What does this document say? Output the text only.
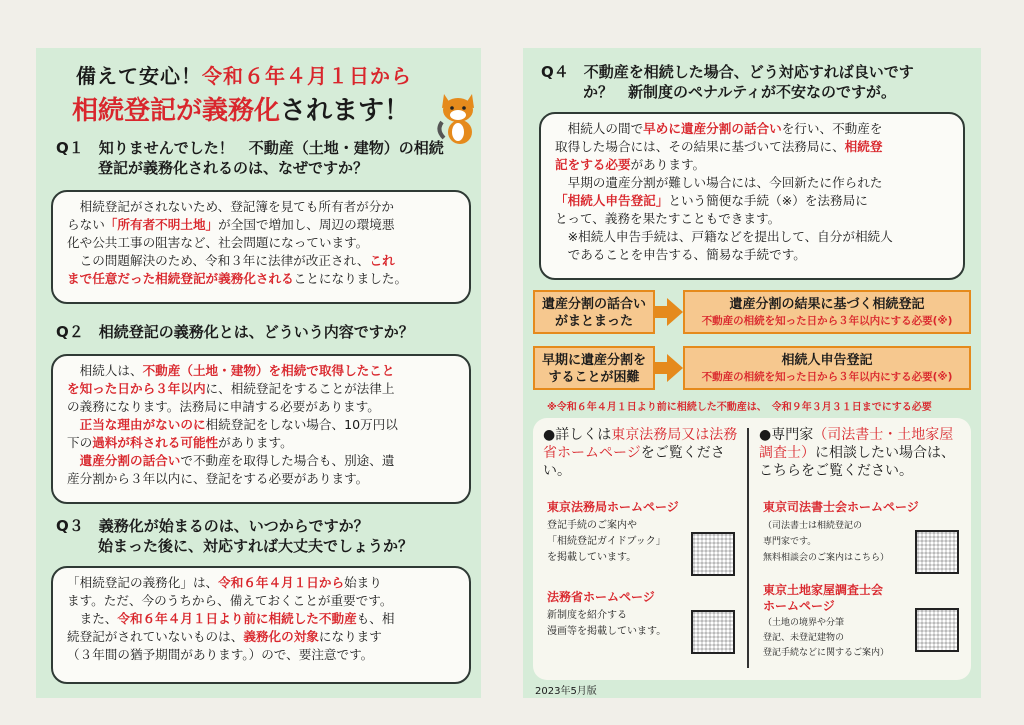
備えて安心！令和６年４月１日から
相続登記が義務化されます！
Q１　知りませんでした！　不動産（土地・建物）の相続
登記が義務化されるのは、なぜですか？

　相続登記がされないため、登記簿を見ても所有者が分か

らない「所有者不明土地」が全国で増加し、周辺の環境悪

化や公共工事の阻害など、社会問題になっています。

　この問題解決のため、令和３年に法律が改正され、これ

まで任意だった相続登記が義務化されることになりました。

Q２　相続登記の義務化とは、どういう内容ですか？

　相続人は、不動産（土地・建物）を相続で取得したこと

を知った日から３年以内に、相続登記をすることが法律上

の義務になります。法務局に申請する必要があります。

　正当な理由がないのに相続登記をしない場合、10万円以

下の過料が科される可能性があります。

　遺産分割の話合いで不動産を取得した場合も、別途、遺

産分割から３年以内に、登記をする必要があります。

Q３　義務化が始まるのは、いつからですか？
始まった後に、対応すれば大丈夫でしょうか？

「相続登記の義務化」は、令和６年４月１日から始まり

ます。ただ、今のうちから、備えておくことが重要です。

　また、令和６年４月１日より前に相続した不動産も、相

続登記がされていないものは、義務化の対象になります

（３年間の猶予期間があります。）ので、要注意です。

Q４　不動産を相続した場合、どう対応すれば良いです
か？　新制度のペナルティが不安なのですが。

　相続人の間で早めに遺産分割の話合いを行い、不動産を

取得した場合には、その結果に基づいて法務局に、相続登

記をする必要があります。

　早期の遺産分割が難しい場合には、今回新たに作られた

「相続人申告登記」という簡便な手続（※）を法務局に

とって、義務を果たすこともできます。

　※相続人申告手続は、戸籍などを提出して、自分が相続人

　であることを申告する、簡易な手続です。

遺産分割の話合い
がまとまった
遺産分割の結果に基づく相続登記
不動産の相続を知った日から３年以内にする必要(※)
早期に遺産分割を
することが困難
相続人申告登記
不動産の相続を知った日から３年以内にする必要(※)
※令和６年４月１日より前に相続した不動産は、　令和９年３月３１日までにする必要
●詳しくは東京法務局又は法務省ホームページをご覧ください。
東京法務局ホームページ
登記手続のご案内や
「相続登記ガイドブック」
を掲載しています。
法務省ホームページ
新制度を紹介する
漫画等を掲載しています。
●専門家（司法書士・土地家屋調査士）に相談したい場合は、こちらをご覧ください。
東京司法書士会ホームページ
（司法書士は相続登記の
専門家です。
無料相談会のご案内はこちら）
東京土地家屋調査士会
ホームページ
（土地の境界や分筆
登記、未登記建物の
登記手続などに関するご案内）
2023年5月版
